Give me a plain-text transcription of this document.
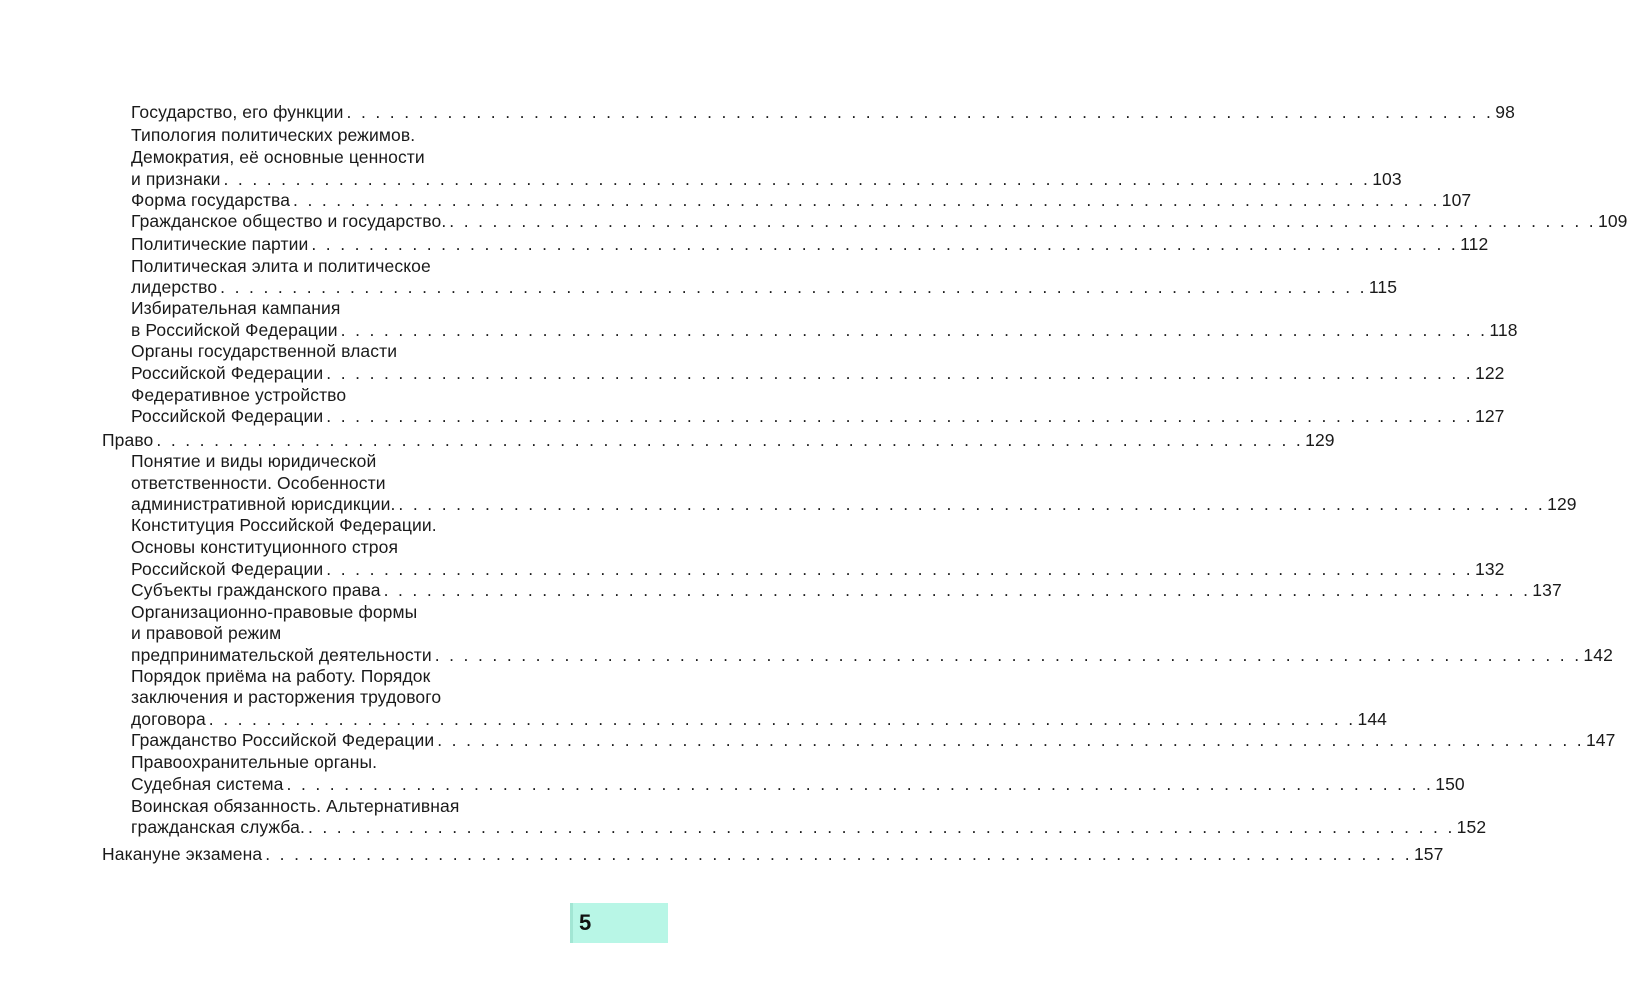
Государство, его функции . . . . . . . . . . . . . . . . . . . . . . . . . . . . . . . . . . . . . . . . . . . . . . . . . . . . . . . . . . . . . . . . . . . . . . . . . . . . . . . . 98
Типология политических режимов.
Демократия, её основные ценности
и признаки . . . . . . . . . . . . . . . . . . . . . . . . . . . . . . . . . . . . . . . . . . . . . . . . . . . . . . . . . . . . . . . . . . . . . . . . . . . . . . . . 103
Форма государства . . . . . . . . . . . . . . . . . . . . . . . . . . . . . . . . . . . . . . . . . . . . . . . . . . . . . . . . . . . . . . . . . . . . . . . . . . . . . . . . 107
Гражданское общество и государство. . . . . . . . . . . . . . . . . . . . . . . . . . . . . . . . . . . . . . . . . . . . . . . . . . . . . . . . . . . . . . . . . . . . . . . . . . . . . . . . . 109
Политические партии . . . . . . . . . . . . . . . . . . . . . . . . . . . . . . . . . . . . . . . . . . . . . . . . . . . . . . . . . . . . . . . . . . . . . . . . . . . . . . . . 112
Политическая элита и политическое
лидерство . . . . . . . . . . . . . . . . . . . . . . . . . . . . . . . . . . . . . . . . . . . . . . . . . . . . . . . . . . . . . . . . . . . . . . . . . . . . . . . . 115
Избирательная кампания
в Российской Федерации . . . . . . . . . . . . . . . . . . . . . . . . . . . . . . . . . . . . . . . . . . . . . . . . . . . . . . . . . . . . . . . . . . . . . . . . . . . . . . . . 118
Органы государственной власти
Российской Федерации . . . . . . . . . . . . . . . . . . . . . . . . . . . . . . . . . . . . . . . . . . . . . . . . . . . . . . . . . . . . . . . . . . . . . . . . . . . . . . . . 122
Федеративное устройство
Российской Федерации . . . . . . . . . . . . . . . . . . . . . . . . . . . . . . . . . . . . . . . . . . . . . . . . . . . . . . . . . . . . . . . . . . . . . . . . . . . . . . . . 127
Право . . . . . . . . . . . . . . . . . . . . . . . . . . . . . . . . . . . . . . . . . . . . . . . . . . . . . . . . . . . . . . . . . . . . . . . . . . . . . . . . 129
Понятие и виды юридической
ответственности. Особенности
административной юрисдикции. . . . . . . . . . . . . . . . . . . . . . . . . . . . . . . . . . . . . . . . . . . . . . . . . . . . . . . . . . . . . . . . . . . . . . . . . . . . . . . . . 129
Конституция Российской Федерации.
Основы конституционного строя
Российской Федерации . . . . . . . . . . . . . . . . . . . . . . . . . . . . . . . . . . . . . . . . . . . . . . . . . . . . . . . . . . . . . . . . . . . . . . . . . . . . . . . . 132
Субъекты гражданского права . . . . . . . . . . . . . . . . . . . . . . . . . . . . . . . . . . . . . . . . . . . . . . . . . . . . . . . . . . . . . . . . . . . . . . . . . . . . . . . . 137
Организационно-правовые формы
и правовой режим
предпринимательской деятельности . . . . . . . . . . . . . . . . . . . . . . . . . . . . . . . . . . . . . . . . . . . . . . . . . . . . . . . . . . . . . . . . . . . . . . . . . . . . . . . . 142
Порядок приёма на работу. Порядок
заключения и расторжения трудового
договора . . . . . . . . . . . . . . . . . . . . . . . . . . . . . . . . . . . . . . . . . . . . . . . . . . . . . . . . . . . . . . . . . . . . . . . . . . . . . . . . 144
Гражданство Российской Федерации . . . . . . . . . . . . . . . . . . . . . . . . . . . . . . . . . . . . . . . . . . . . . . . . . . . . . . . . . . . . . . . . . . . . . . . . . . . . . . . . 147
Правоохранительные органы.
Судебная система . . . . . . . . . . . . . . . . . . . . . . . . . . . . . . . . . . . . . . . . . . . . . . . . . . . . . . . . . . . . . . . . . . . . . . . . . . . . . . . . 150
Воинская обязанность. Альтернативная
гражданская служба. . . . . . . . . . . . . . . . . . . . . . . . . . . . . . . . . . . . . . . . . . . . . . . . . . . . . . . . . . . . . . . . . . . . . . . . . . . . . . . . . 152
Накануне экзамена . . . . . . . . . . . . . . . . . . . . . . . . . . . . . . . . . . . . . . . . . . . . . . . . . . . . . . . . . . . . . . . . . . . . . . . . . . . . . . . . 157
5
